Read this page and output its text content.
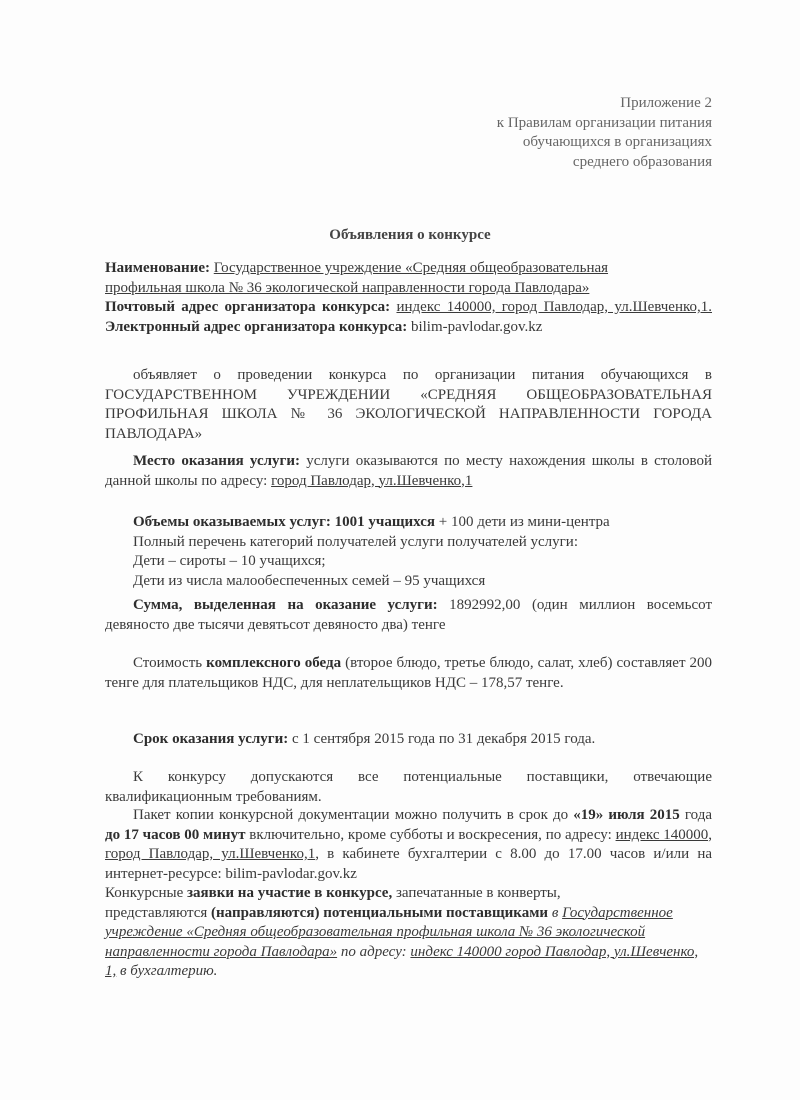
Приложение 2
к Правилам организации питания
обучающихся в организациях
среднего образования
Объявления о конкурсе
Наименование: Государственное учреждение «Средняя общеобразовательная профильная школа № 36 экологической направленности города Павлодара»
Почтовый адрес организатора конкурса: индекс 140000, город Павлодар, ул.Шевченко,1.
Электронный адрес организатора конкурса: bilim-pavlodar.gov.kz
объявляет о проведении конкурса по организации питания обучающихся в ГОСУДАРСТВЕННОМ УЧРЕЖДЕНИИ «СРЕДНЯЯ ОБЩЕОБРАЗОВАТЕЛЬНАЯ ПРОФИЛЬНАЯ ШКОЛА № 36 ЭКОЛОГИЧЕСКОЙ НАПРАВЛЕННОСТИ ГОРОДА ПАВЛОДАРА»
Место оказания услуги: услуги оказываются по месту нахождения школы в столовой данной школы по адресу: город Павлодар, ул.Шевченко,1
Объемы оказываемых услуг: 1001 учащихся + 100 дети из мини-центра
Полный перечень категорий получателей услуги получателей услуги:
Дети – сироты – 10 учащихся;
Дети из числа малообеспеченных семей – 95 учащихся
Сумма, выделенная на оказание услуги: 1892992,00 (один миллион восемьсот девяносто две тысячи девятьсот девяносто два) тенге
Стоимость комплексного обеда (второе блюдо, третье блюдо, салат, хлеб) составляет 200 тенге для плательщиков НДС, для неплательщиков НДС – 178,57 тенге.
Срок оказания услуги: с 1 сентября 2015 года по 31 декабря 2015 года.
К конкурсу допускаются все потенциальные поставщики, отвечающие квалификационным требованиям.
Пакет копии конкурсной документации можно получить в срок до «19» июля 2015 года до 17 часов 00 минут включительно, кроме субботы и воскресения, по адресу: индекс 140000, город Павлодар, ул.Шевченко,1, в кабинете бухгалтерии с 8.00 до 17.00 часов и/или на интернет-ресурсе: bilim-pavlodar.gov.kz
Конкурсные заявки на участие в конкурсе, запечатанные в конверты,
представляются (направляются) потенциальными поставщиками в Государственное учреждение «Средняя общеобразовательная профильная школа № 36 экологической направленности города Павлодара» по адресу: индекс 140000 город Павлодар, ул.Шевченко, 1, в бухгалтерию.
